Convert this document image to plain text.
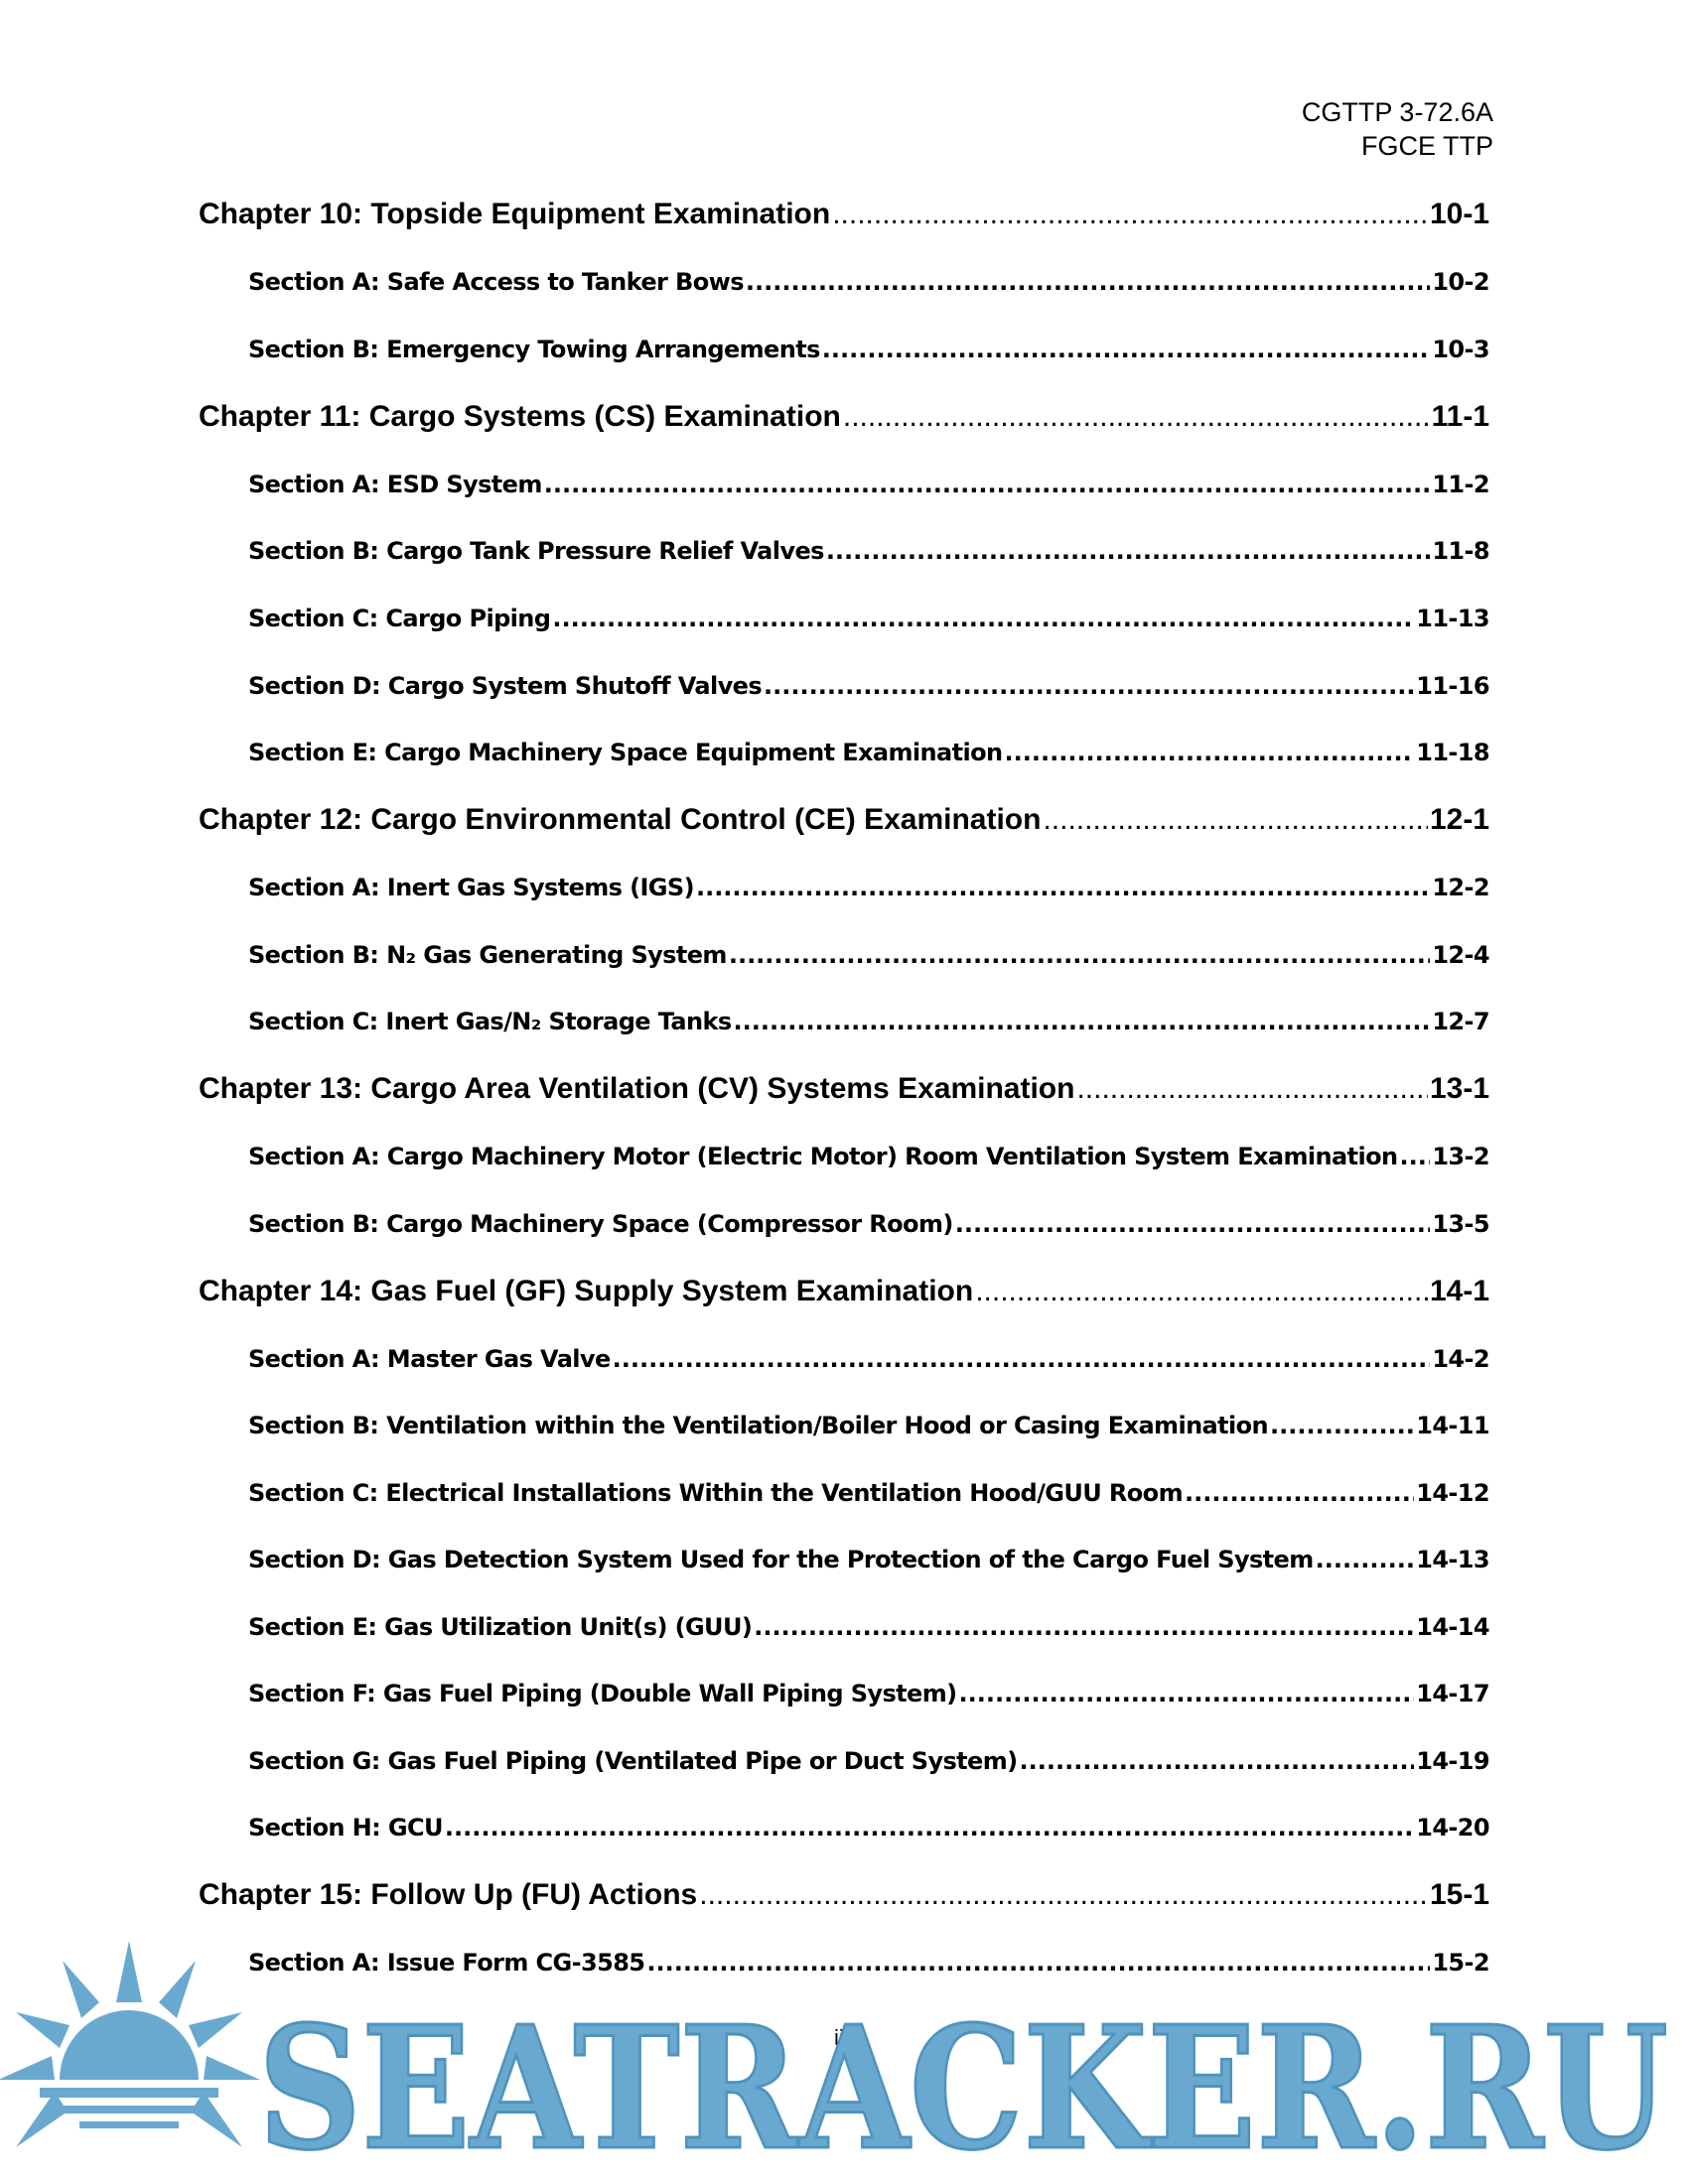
CGTTP 3-72.6A
FGCE TTP
Chapter 10: Topside Equipment Examination .....	10-1
Section A: Safe Access to Tanker Bows .....	10-2
Section B: Emergency Towing Arrangements .....	10-3
Chapter 11: Cargo Systems (CS) Examination .....	11-1
Section A: ESD System .....	11-2
Section B: Cargo Tank Pressure Relief Valves .....	11-8
Section C: Cargo Piping .....	11-13
Section D: Cargo System Shutoff Valves .....	11-16
Section E: Cargo Machinery Space Equipment Examination .....	11-18
Chapter 12: Cargo Environmental Control (CE) Examination .....	12-1
Section A: Inert Gas Systems (IGS) .....	12-2
Section B: N₂ Gas Generating System .....	12-4
Section C: Inert Gas/N₂ Storage Tanks .....	12-7
Chapter 13: Cargo Area Ventilation (CV) Systems Examination .....	13-1
Section A: Cargo Machinery Motor (Electric Motor) Room Ventilation System Examination ..... 13-2
Section B: Cargo Machinery Space (Compressor Room) .....	13-5
Chapter 14: Gas Fuel (GF) Supply System Examination .....	14-1
Section A: Master Gas Valve .....	14-2
Section B: Ventilation within the Ventilation/Boiler Hood or Casing Examination .....	14-11
Section C: Electrical Installations Within the Ventilation Hood/GUU Room .....	14-12
Section D: Gas Detection System Used for the Protection of the Cargo Fuel System .....	14-13
Section E: Gas Utilization Unit(s) (GUU) .....	14-14
Section F: Gas Fuel Piping (Double Wall Piping System) .....	14-17
Section G: Gas Fuel Piping (Ventilated Pipe or Duct System) .....	14-19
Section H: GCU .....	14-20
Chapter 15: Follow Up (FU) Actions .....	15-1
Section A: Issue Form CG-3585 .....	15-2
iii
SEATRACKER.RU
